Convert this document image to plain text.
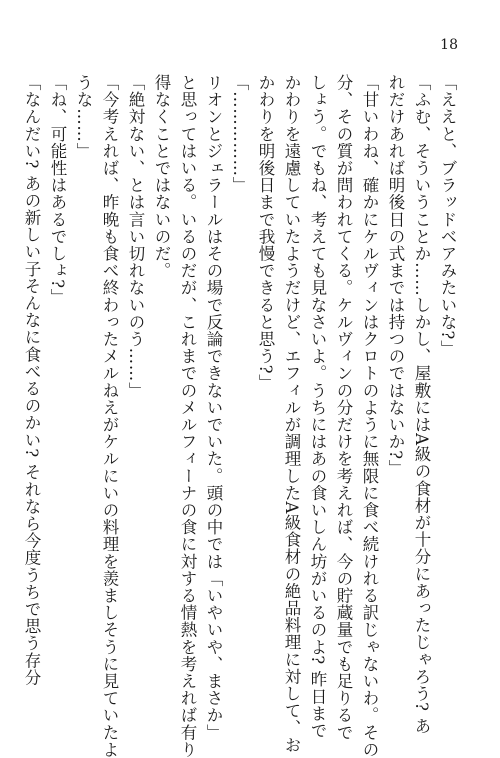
18
「ええと、ブラッドベアみたいな?」
「ふむ、そういうことか……しかし、屋敷にはA級の食材が十分にあったじゃろう? あ
れだけあれば明後日の式までは持つのではないか?」
「甘いわね、確かにケルヴィンはクロトのように無限に食べ続けれる訳じゃないわ。その
分、その質が問われてくる。ケルヴィンの分だけを考えれば、今の貯蔵量でも足りるで
しょう。でもね、考えても見なさいよ。うちにはあの食いしん坊がいるのよ? 昨日まで
かわりを遠慮していたようだけど、エフィルが調理したA級食材の絶品料理に対して、お
かわりを明後日まで我慢できると思う?」
「……………」
リオンとジェラールはその場で反論できないでいた。頭の中では「いやいや、まさか」
と思ってはいる。いるのだが、これまでのメルフィーナの食に対する情熱を考えれば有り
得なくことではないのだ。
「絶対ない、とは言い切れないのう……」
「今考えれば、昨晩も食べ終わったメルねえがケルにいの料理を羨ましそうに見ていたよ
うな……」
「ね、可能性はあるでしょ?」
「なんだい? あの新しい子そんなに食べるのかい? それなら今度うちで思う存分
